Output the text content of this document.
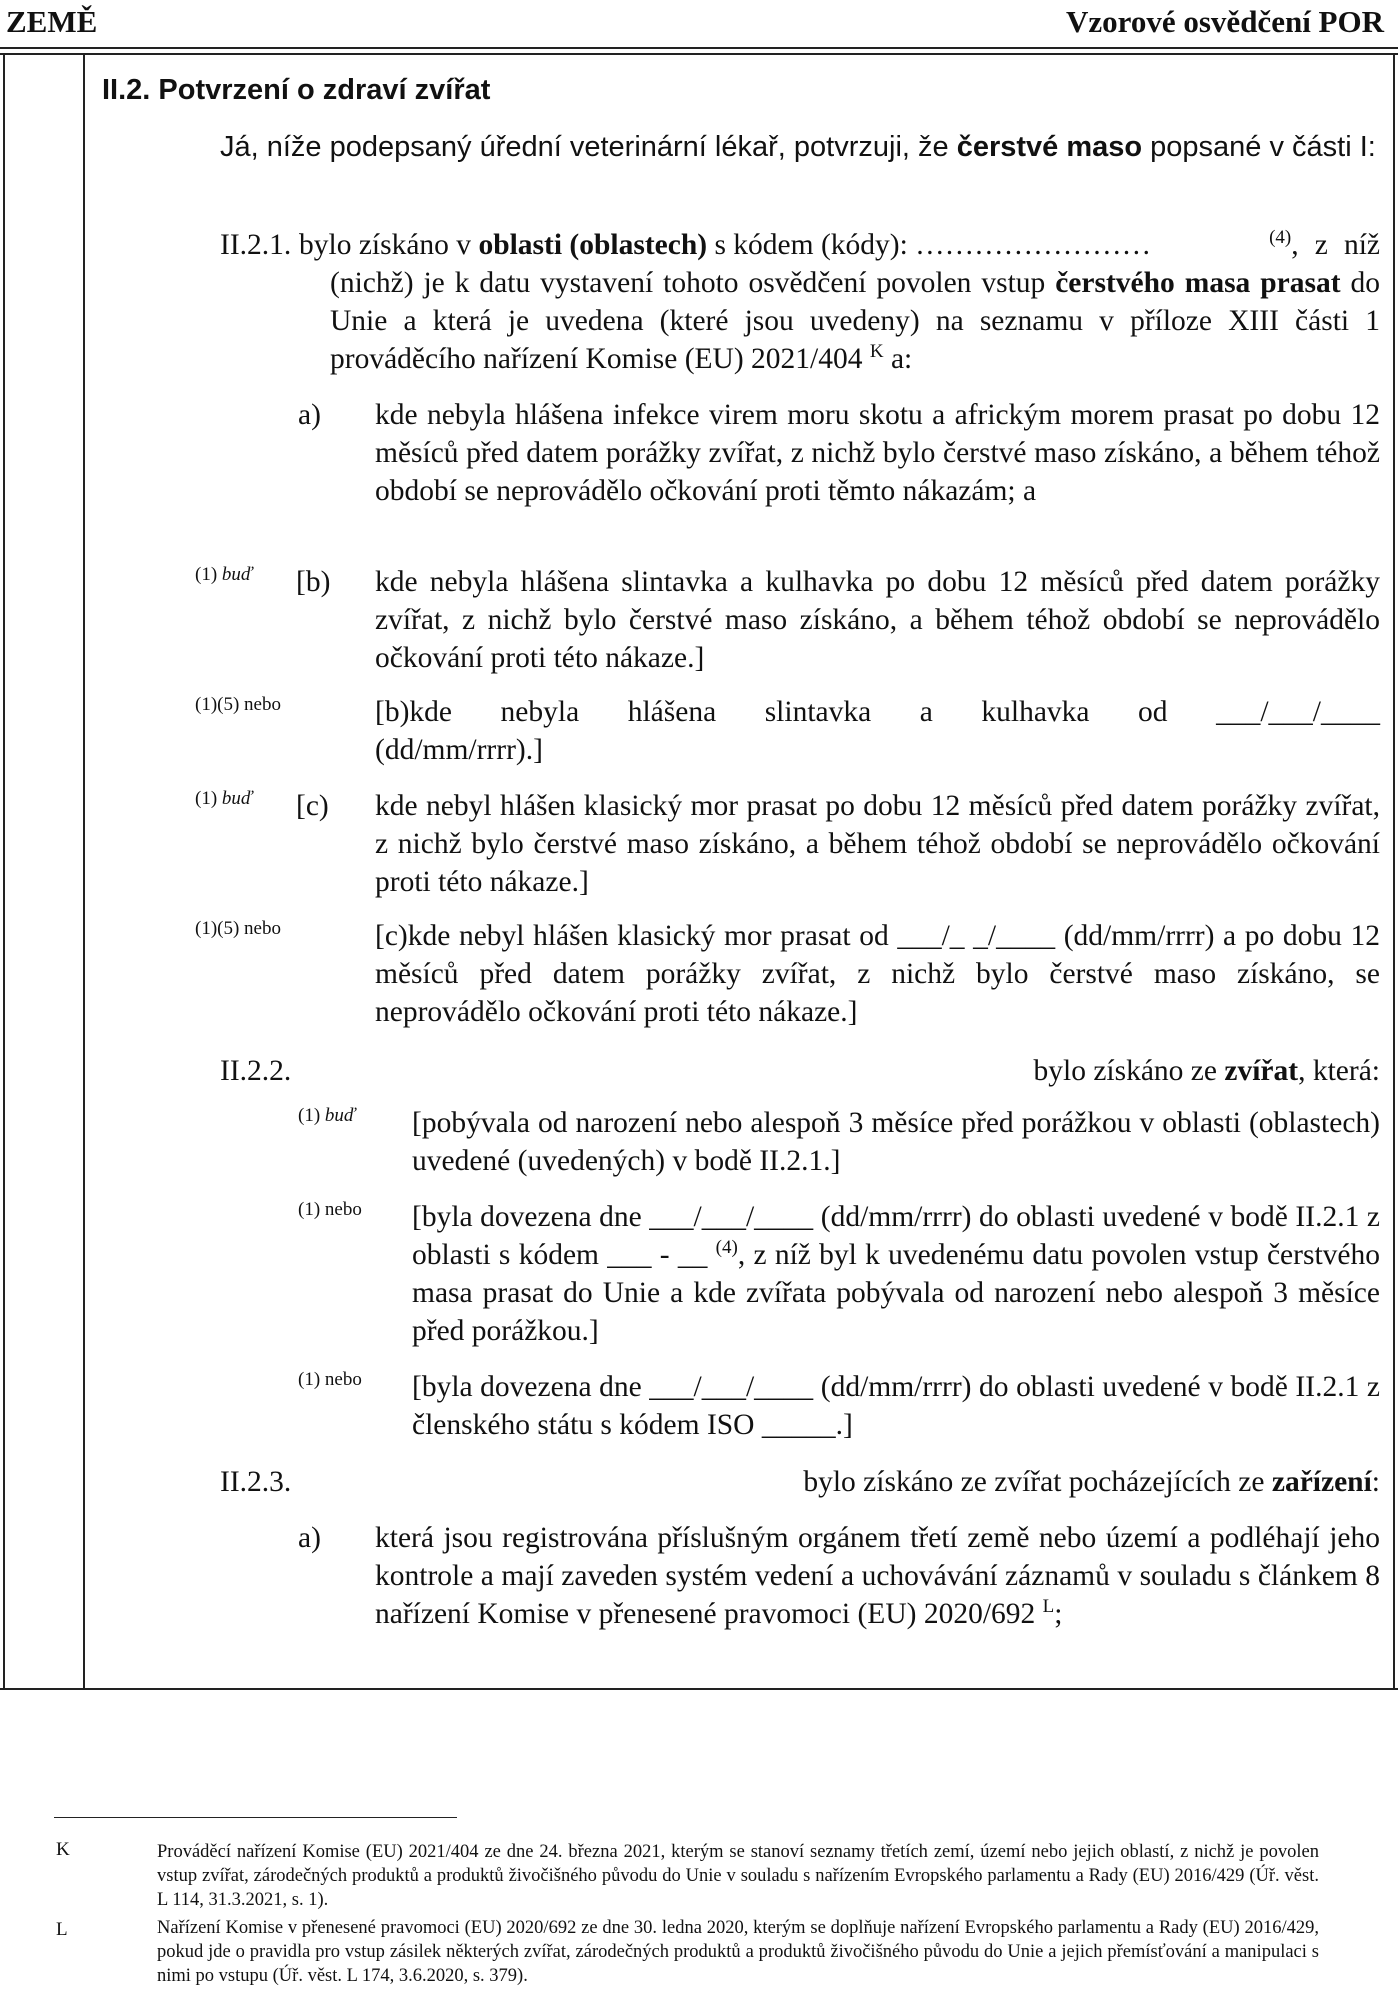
ZEMĚ	Vzorové osvědčení POR
II.2. Potvrzení o zdraví zvířat
Já, níže podepsaný úřední veterinární lékař, potvrzuji, že čerstvé maso popsané v části I:
II.2.1. bylo získáno v oblasti (oblastech) s kódem (kódy): ……………………	$^{(4)}$, z níž (nichž) je k datu vystavení tohoto osvědčení povolen vstup čerstvého masa prasat do Unie a která je uvedena (které jsou uvedeny) na seznamu v příloze XIII části 1 prováděcího nařízení Komise (EU) 2021/404 $^K$ a:
a) kde nebyla hlášena infekce virem moru skotu a africkým morem prasat po dobu 12 měsíců před datem porážky zvířat, z nichž bylo čerstvé maso získáno, a během téhož období se neprovádělo očkování proti těmto nákazám; a
(1) buď [b) kde nebyla hlášena slintavka a kulhavka po dobu 12 měsíců před datem porážky zvířat, z nichž bylo čerstvé maso získáno, a během téhož období se neprovádělo očkování proti této nákaze.]
(1)(5) nebo	[b)kde nebyla hlášena slintavka a kulhavka od ___/___/____ (dd/mm/rrrr).]
(1) buď [c) kde nebyl hlášen klasický mor prasat po dobu 12 měsíců před datem porážky zvířat, z nichž bylo čerstvé maso získáno, a během téhož období se neprovádělo očkování proti této nákaze.]
(1)(5) nebo	[c)kde nebyl hlášen klasický mor prasat od ___/_ _/____ (dd/mm/rrrr) a po dobu 12 měsíců před datem porážky zvířat, z nichž bylo čerstvé maso získáno, se neprovádělo očkování proti této nákaze.]
II.2.2.	bylo získáno ze zvířat, která:
(1) buď [pobývala od narození nebo alespoň 3 měsíce před porážkou v oblasti (oblastech) uvedené (uvedených) v bodě II.2.1.]
(1) nebo [byla dovezena dne ___/___/____ (dd/mm/rrrr) do oblasti uvedené v bodě II.2.1 z oblasti s kódem ___ - __ $^{(4)}$, z níž byl k uvedenému datu povolen vstup čerstvého masa prasat do Unie a kde zvířata pobývala od narození nebo alespoň 3 měsíce před porážkou.]
(1) nebo [byla dovezena dne ___/___/____ (dd/mm/rrrr) do oblasti uvedené v bodě II.2.1 z členského státu s kódem ISO _____.]
II.2.3.	bylo získáno ze zvířat pocházejících ze zařízení:
a) která jsou registrována příslušným orgánem třetí země nebo území a podléhají jeho kontrole a mají zaveden systém vedení a uchovávání záznamů v souladu s článkem 8 nařízení Komise v přenesené pravomoci (EU) 2020/692 $^L$;
K	Prováděcí nařízení Komise (EU) 2021/404 ze dne 24. března 2021, kterým se stanoví seznamy třetích zemí, území nebo jejich oblastí, z nichž je povolen vstup zvířat, zárodečných produktů a produktů živočišného původu do Unie v souladu s nařízením Evropského parlamentu a Rady (EU) 2016/429 (Úř. věst. L 114, 31.3.2021, s. 1).
L	Nařízení Komise v přenesené pravomoci (EU) 2020/692 ze dne 30. ledna 2020, kterým se doplňuje nařízení Evropského parlamentu a Rady (EU) 2016/429, pokud jde o pravidla pro vstup zásilek některých zvířat, zárodečných produktů a produktů živočišného původu do Unie a jejich přemísťování a manipulaci s nimi po vstupu (Úř. věst. L 174, 3.6.2020, s. 379).
